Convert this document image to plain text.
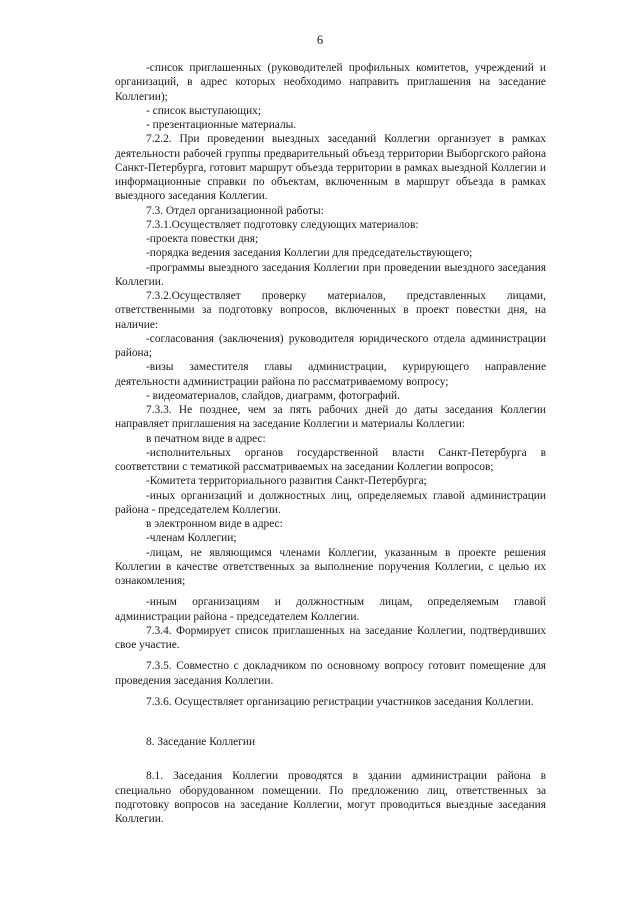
6

-список приглашенных (руководителей профильных комитетов, учреждений и организаций, в адрес которых необходимо направить приглашения на заседание Коллегии);

- список выступающих;

- презентационные материалы.

7.2.2. При проведении выездных заседаний Коллегии организует в рамках деятельности рабочей группы предварительный объезд территории Выборгского района Санкт-Петербурга, готовит маршрут объезда территории в рамках выездной Коллегии и информационные справки по объектам, включенным в маршрут объезда в рамках выездного заседания Коллегии.

7.3. Отдел организационной работы:

7.3.1.Осуществляет подготовку следующих материалов:

-проекта повестки дня;

-порядка ведения заседания Коллегии для председательствующего;

-программы выездного заседания Коллегии при проведении выездного заседания Коллегии.

7.3.2.Осуществляет проверку материалов, представленных лицами, ответственными за подготовку вопросов, включенных в проект повестки дня, на наличие:

-согласования (заключения) руководителя юридического отдела администрации района;

-визы заместителя главы администрации, курирующего направление деятельности администрации района по рассматриваемому вопросу;

- видеоматериалов, слайдов, диаграмм, фотографий.

7.3.3. Не позднее, чем за пять рабочих дней до даты заседания Коллегии направляет приглашения на заседание Коллегии и материалы Коллегии:

в печатном виде в адрес:

-исполнительных органов государственной власти Санкт-Петербурга в соответствии с тематикой рассматриваемых на заседании Коллегии вопросов;

-Комитета территориального развития Санкт-Петербурга;

-иных организаций и должностных лиц, определяемых главой администрации района - председателем Коллегии.

в электронном виде в адрес:

-членам Коллегии;

-лицам, не являющимся членами Коллегии, указанным в проекте решения Коллегии в качестве ответственных за выполнение поручения Коллегии, с целью их ознакомления;

-иным организациям и должностным лицам, определяемым главой администрации района - председателем Коллегии.

7.3.4. Формирует список приглашенных на заседание Коллегии, подтвердивших свое участие.

7.3.5. Совместно с докладчиком по основному вопросу готовит помещение для проведения заседания Коллегии.

7.3.6. Осуществляет организацию регистрации участников заседания Коллегии.

8. Заседание Коллегии

8.1. Заседания Коллегии проводятся в здании администрации района в специально оборудованном помещении. По предложению лиц, ответственных за подготовку вопросов на заседание Коллегии, могут проводиться выездные заседания Коллегии.
